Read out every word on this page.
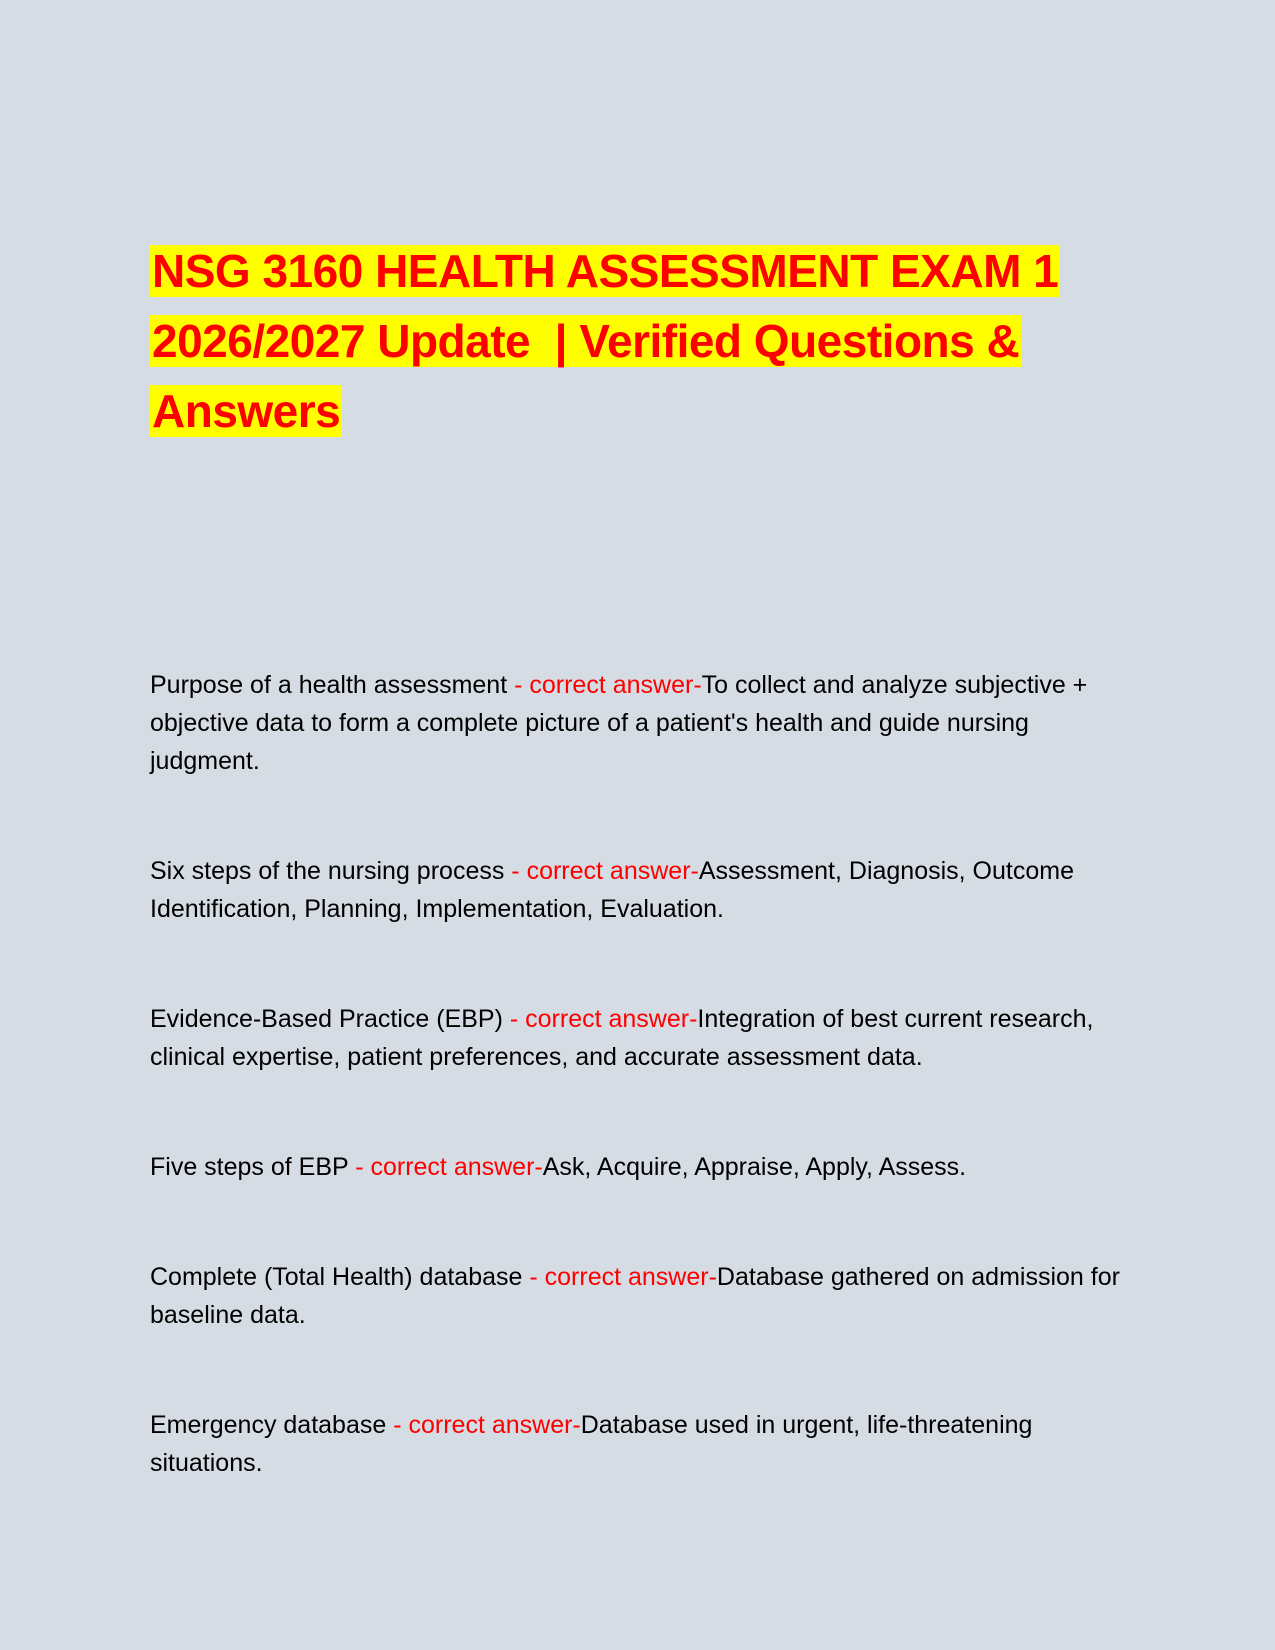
NSG 3160 HEALTH ASSESSMENT EXAM 1
2026/2027 Update  | Verified Questions &
Answers

Purpose of a health assessment - correct answer-To collect and analyze subjective + objective data to form a complete picture of a patient's health and guide nursing judgment.

Six steps of the nursing process - correct answer-Assessment, Diagnosis, Outcome Identification, Planning, Implementation, Evaluation.

Evidence-Based Practice (EBP) - correct answer-Integration of best current research, clinical expertise, patient preferences, and accurate assessment data.

Five steps of EBP - correct answer-Ask, Acquire, Appraise, Apply, Assess.

Complete (Total Health) database - correct answer-Database gathered on admission for baseline data.

Emergency database - correct answer-Database used in urgent, life-threatening situations.
